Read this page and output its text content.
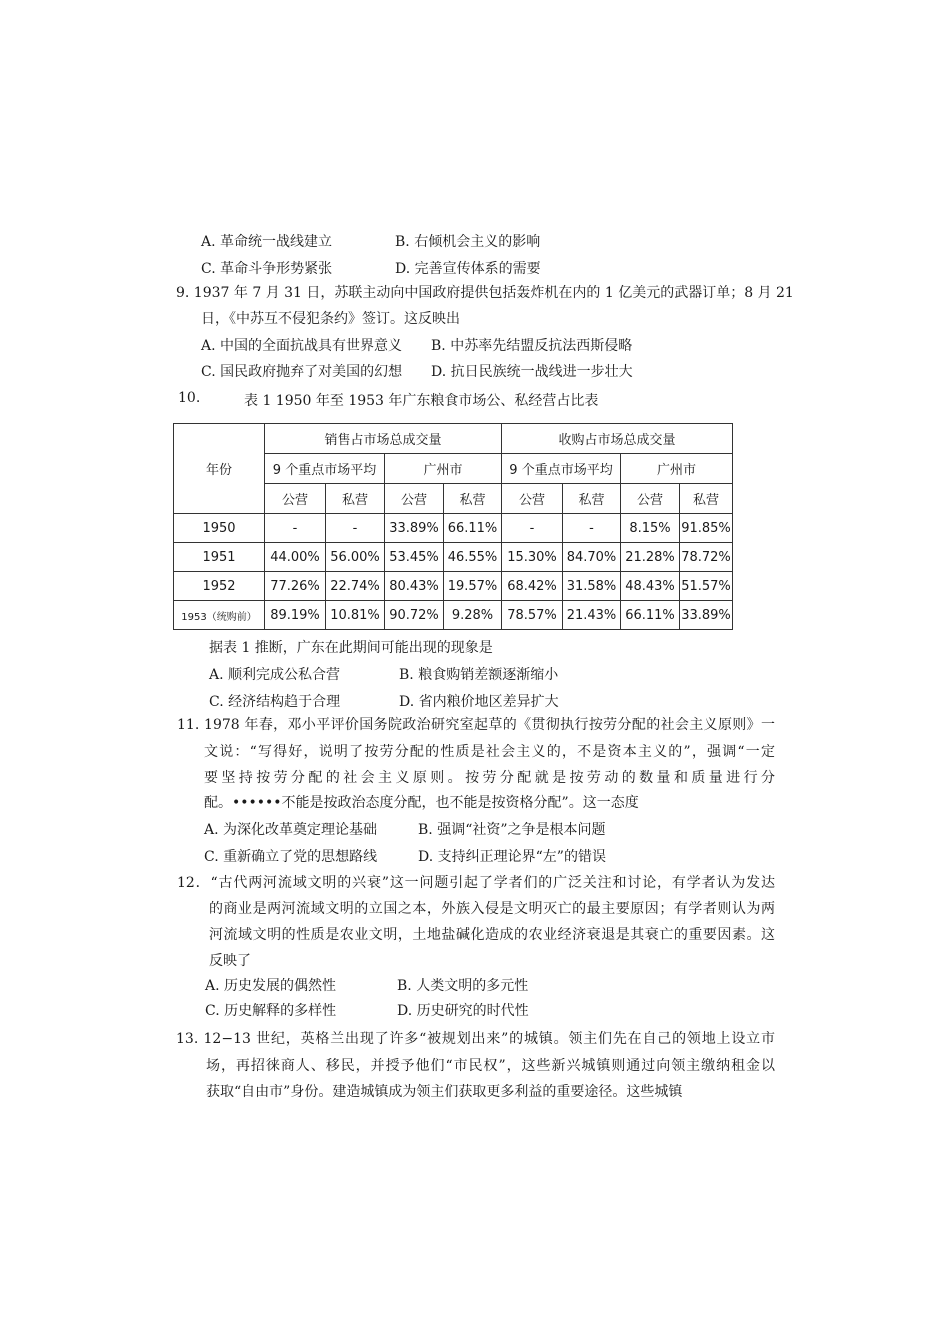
A. 革命统一战线建立	B. 右倾机会主义的影响
C. 革命斗争形势紧张	D. 完善宣传体系的需要
9. 1937 年 7 月 31 日，苏联主动向中国政府提供包括轰炸机在内的 1 亿美元的武器订单；8 月 21
日，《中苏互不侵犯条约》签订。这反映出
A. 中国的全面抗战具有世界意义 B. 中苏率先结盟反抗法西斯侵略
C. 国民政府抛弃了对美国的幻想 D. 抗日民族统一战线进一步壮大
10.	表 1 1950 年至 1953 年广东粮食市场公、私经营占比表
年份	销售占市场总成交量				收购占市场总成交量			
	9 个重点市场平均		广州市		9 个重点市场平均		广州市	
	公营	私营	公营	私营	公营	私营	公营	私营
1950	-	-	33.89%	66.11%	-	-	8.15%	91.85%
1951	44.00%	56.00%	53.45%	46.55%	15.30%	84.70%	21.28%	78.72%
1952	77.26%	22.74%	80.43%	19.57%	68.42%	31.58%	48.43%	51.57%
1953（统购前）	89.19%	10.81%	90.72%	9.28%	78.57%	21.43%	66.11%	33.89%
据表 1 推断，广东在此期间可能出现的现象是
A. 顺利完成公私合营	B. 粮食购销差额逐渐缩小
C. 经济结构趋于合理	D. 省内粮价地区差异扩大
11. 1978 年春，邓小平评价国务院政治研究室起草的《贯彻执行按劳分配的社会主义原则》一
文说：“写得好，说明了按劳分配的性质是社会主义的，不是资本主义的”，强调“一定
要坚持按劳分配的社会主义原则。按劳分配就是按劳动的数量和质量进行分
配。••••••不能是按政治态度分配，也不能是按资格分配”。这一态度
A. 为深化改革奠定理论基础	B. 强调“社资”之争是根本问题
C. 重新确立了党的思想路线	D. 支持纠正理论界“左”的错误
12．“古代两河流域文明的兴衰”这一问题引起了学者们的广泛关注和讨论，有学者认为发达
的商业是两河流域文明的立国之本，外族入侵是文明灭亡的最主要原因；有学者则认为两
河流域文明的性质是农业文明，土地盐碱化造成的农业经济衰退是其衰亡的重要因素。这
反映了
A. 历史发展的偶然性	B. 人类文明的多元性
C. 历史解释的多样性	D. 历史研究的时代性
13. 12−13 世纪，英格兰出现了许多“被规划出来”的城镇。领主们先在自己的领地上设立市
场，再招徕商人、移民，并授予他们“市民权”，这些新兴城镇则通过向领主缴纳租金以
获取“自由市”身份。建造城镇成为领主们获取更多利益的重要途径。这些城镇
